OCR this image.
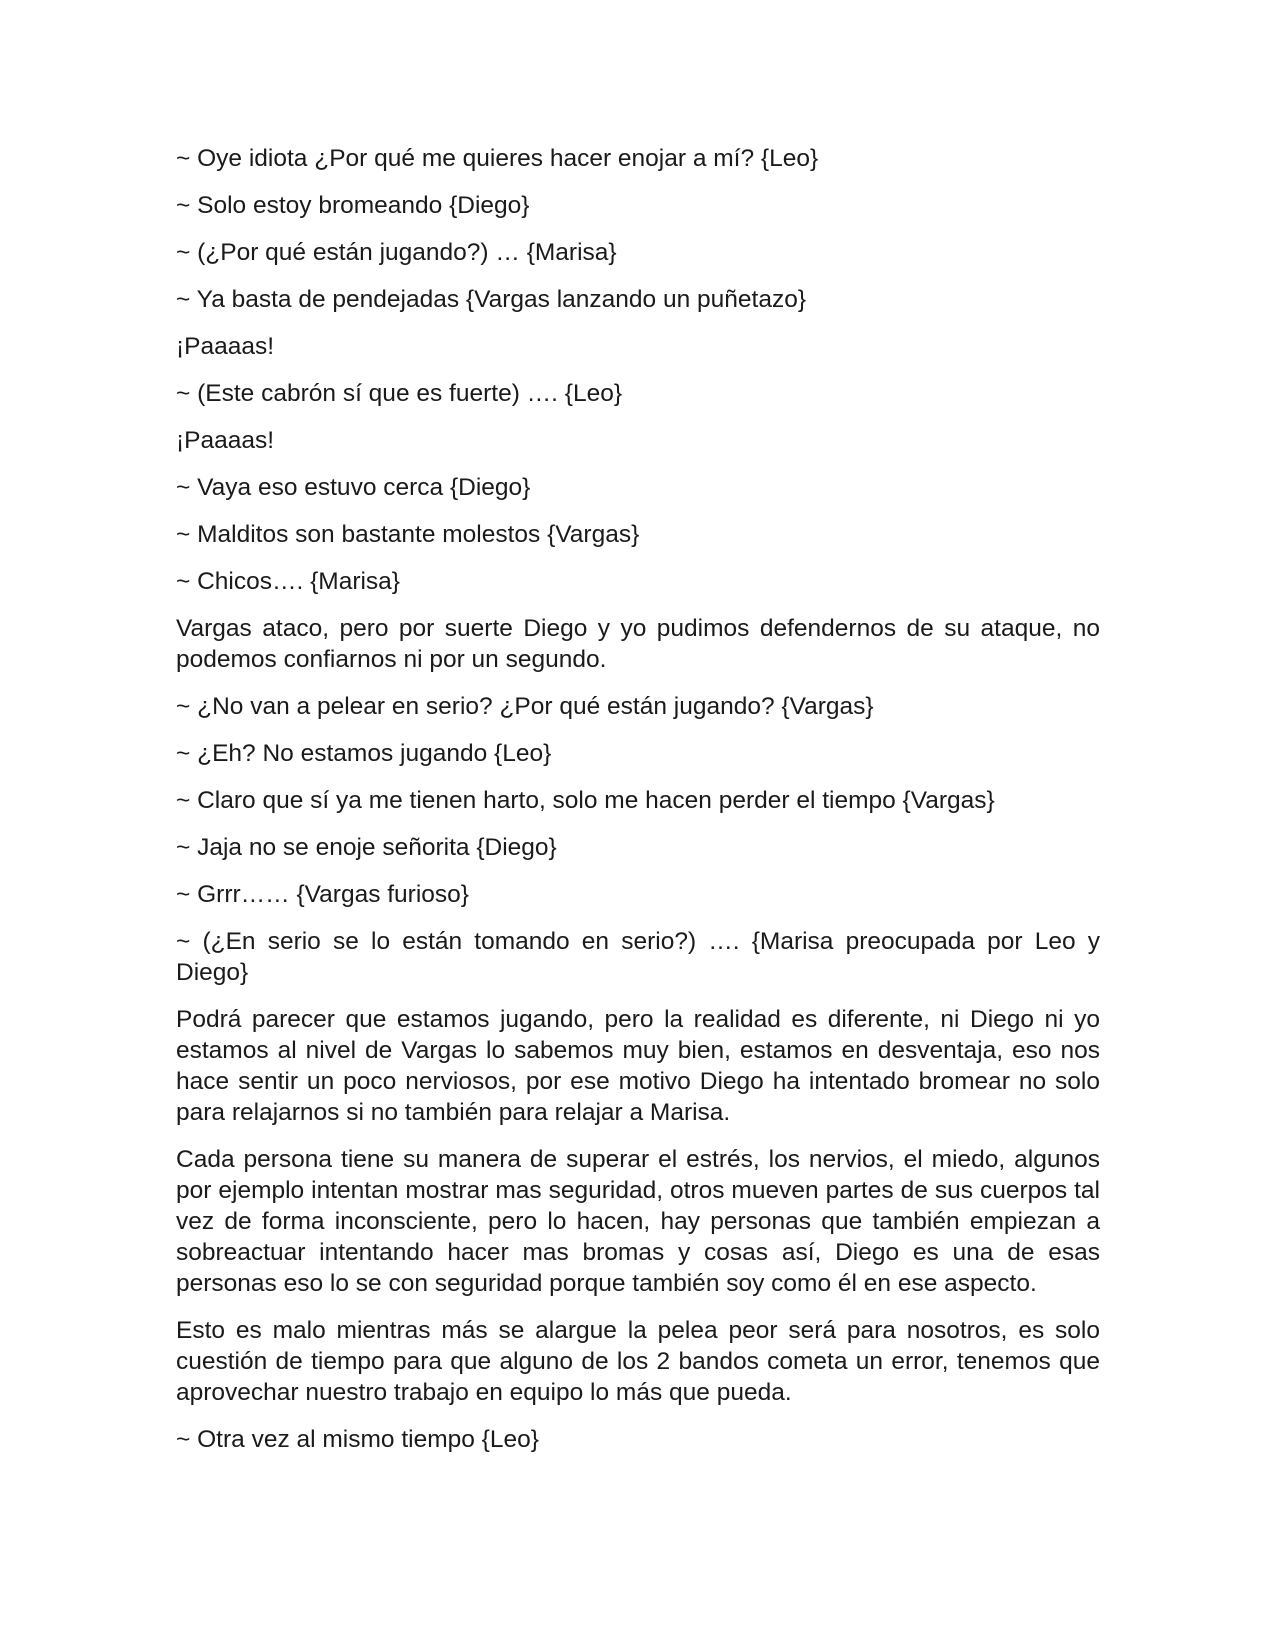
~ Oye idiota ¿Por qué me quieres hacer enojar a mí? {Leo}

~ Solo estoy bromeando {Diego}

~ (¿Por qué están jugando?) … {Marisa}

~ Ya basta de pendejadas {Vargas lanzando un puñetazo}

¡Paaaas!

~ (Este cabrón sí que es fuerte) …. {Leo}

¡Paaaas!

~ Vaya eso estuvo cerca {Diego}

~ Malditos son bastante molestos {Vargas}

~ Chicos…. {Marisa}

Vargas ataco, pero por suerte Diego y yo pudimos defendernos de su ataque, no podemos confiarnos ni por un segundo.

~ ¿No van a pelear en serio? ¿Por qué están jugando? {Vargas}

~ ¿Eh? No estamos jugando {Leo}

~ Claro que sí ya me tienen harto, solo me hacen perder el tiempo {Vargas}

~ Jaja no se enoje señorita {Diego}

~ Grrr…… {Vargas furioso}

~ (¿En serio se lo están tomando en serio?) …. {Marisa preocupada por Leo y Diego}

Podrá parecer que estamos jugando, pero la realidad es diferente, ni Diego ni yo estamos al nivel de Vargas lo sabemos muy bien, estamos en desventaja, eso nos hace sentir un poco nerviosos, por ese motivo Diego ha intentado bromear no solo para relajarnos si no también para relajar a Marisa.

Cada persona tiene su manera de superar el estrés, los nervios, el miedo, algunos por ejemplo intentan mostrar mas seguridad, otros mueven partes de sus cuerpos tal vez de forma inconsciente, pero lo hacen, hay personas que también empiezan a sobreactuar intentando hacer mas bromas y cosas así, Diego es una de esas personas eso lo se con seguridad porque también soy como él en ese aspecto.

Esto es malo mientras más se alargue la pelea peor será para nosotros, es solo cuestión de tiempo para que alguno de los 2 bandos cometa un error, tenemos que aprovechar nuestro trabajo en equipo lo más que pueda.

~ Otra vez al mismo tiempo {Leo}
